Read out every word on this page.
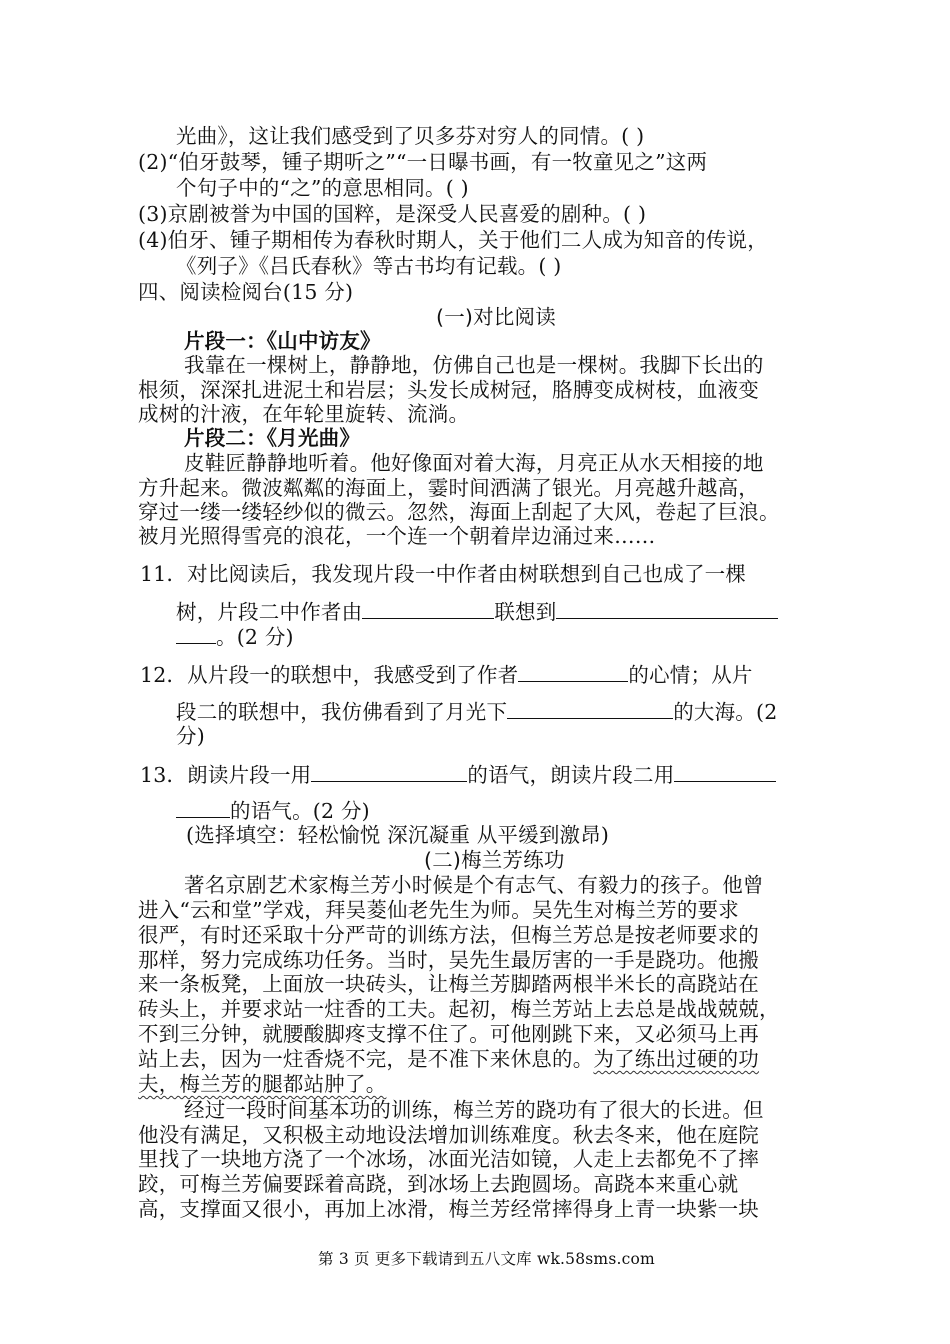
光曲》，这让我们感受到了贝多芬对穷人的同情。( )
(2)“伯牙鼓琴，锺子期听之”“一日曝书画，有一牧童见之”这两
个句子中的“之”的意思相同。( )
(3)京剧被誉为中国的国粹，是深受人民喜爱的剧种。( )
(4)伯牙、锺子期相传为春秋时期人，关于他们二人成为知音的传说，
《列子》《吕氏春秋》等古书均有记载。( )
四、阅读检阅台(15 分)
(一)对比阅读
片段一：《山中访友》
我靠在一棵树上，静静地，仿佛自己也是一棵树。我脚下长出的
根须，深深扎进泥土和岩层；头发长成树冠，胳膊变成树枝，血液变
成树的汁液，在年轮里旋转、流淌。
片段二：《月光曲》
皮鞋匠静静地听着。他好像面对着大海，月亮正从水天相接的地
方升起来。微波粼粼的海面上，霎时间洒满了银光。月亮越升越高，
穿过一缕一缕轻纱似的微云。忽然，海面上刮起了大风，卷起了巨浪。
被月光照得雪亮的浪花，一个连一个朝着岸边涌过来……
11．对比阅读后，我发现片段一中作者由树联想到自己也成了一棵
树，片段二中作者由	联想到
。(2 分)
12．从片段一的联想中，我感受到了作者	的心情；从片
段二的联想中，我仿佛看到了月光下	的大海。(2
分)
13．朗读片段一用	的语气，朗读片段二用
的语气。(2 分)
(选择填空：轻松愉悦 深沉凝重 从平缓到激昂)
(二)梅兰芳练功
著名京剧艺术家梅兰芳小时候是个有志气、有毅力的孩子。他曾
进入“云和堂”学戏，拜吴菱仙老先生为师。吴先生对梅兰芳的要求
很严，有时还采取十分严苛的训练方法，但梅兰芳总是按老师要求的
那样，努力完成练功任务。当时，吴先生最厉害的一手是跷功。他搬
来一条板凳，上面放一块砖头，让梅兰芳脚踏两根半米长的高跷站在
砖头上，并要求站一炷香的工夫。起初，梅兰芳站上去总是战战兢兢，
不到三分钟，就腰酸脚疼支撑不住了。可他刚跳下来，又必须马上再
站上去，因为一炷香烧不完，是不准下来休息的。为了练出过硬的功
夫，梅兰芳的腿都站肿了。
经过一段时间基本功的训练，梅兰芳的跷功有了很大的长进。但
他没有满足，又积极主动地设法增加训练难度。秋去冬来，他在庭院
里找了一块地方浇了一个冰场，冰面光洁如镜，人走上去都免不了摔
跤，可梅兰芳偏要踩着高跷，到冰场上去跑圆场。高跷本来重心就
高，支撑面又很小，再加上冰滑，梅兰芳经常摔得身上青一块紫一块
第 3 页 更多下载请到五八文库 wk.58sms.com
